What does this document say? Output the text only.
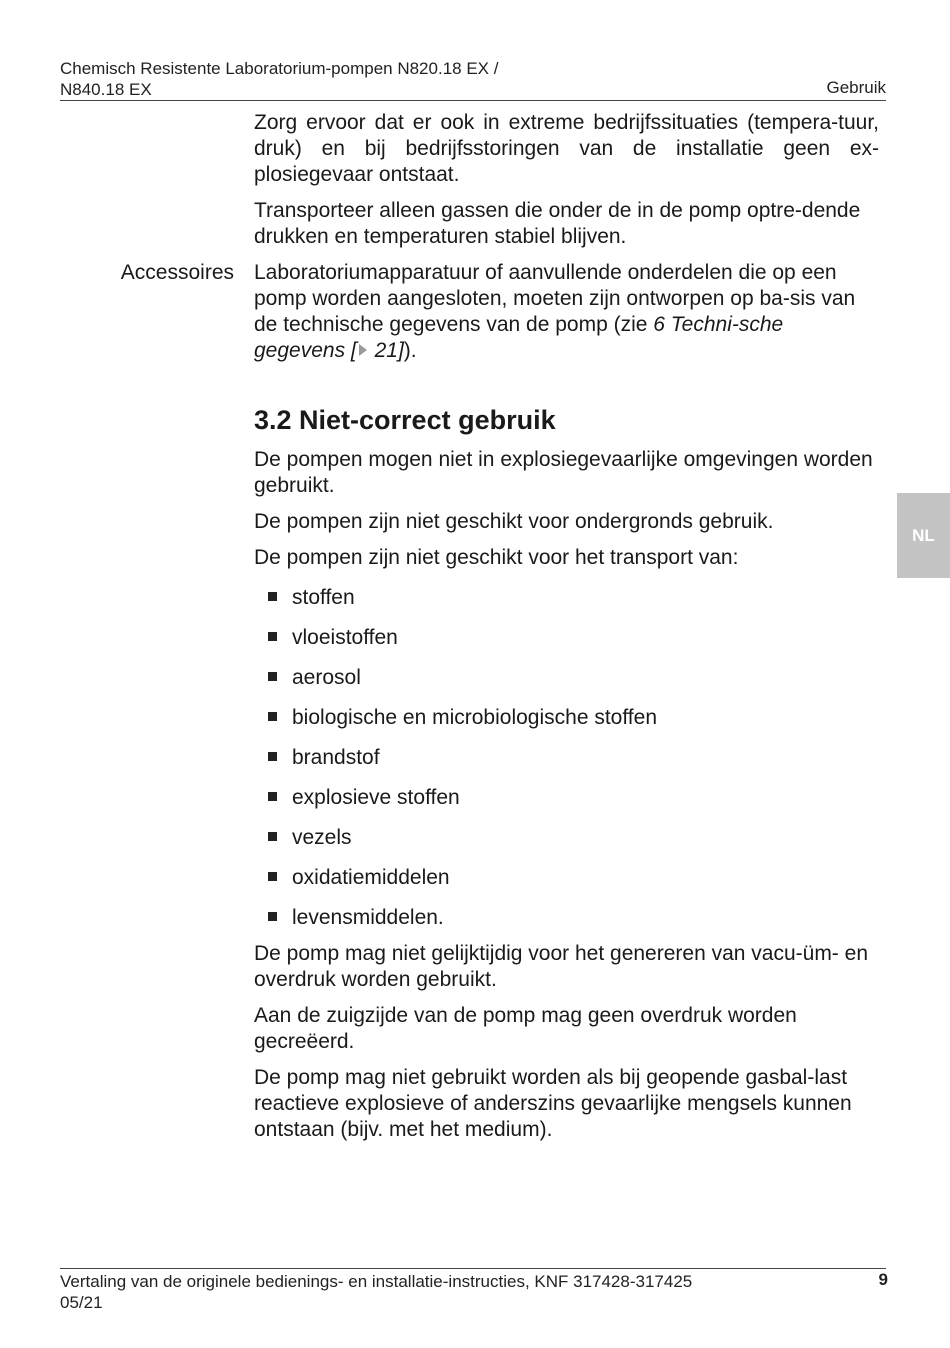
Chemisch Resistente Laboratorium-pompen N820.18 EX /
N840.18 EX	Gebruik
NL

Zorg ervoor dat er ook in extreme bedrijfssituaties (tempera-tuur, druk) en bij bedrijfsstoringen van de installatie geen ex-plosiegevaar ontstaat.

Transporteer alleen gassen die onder de in de pomp optre-dende drukken en temperaturen stabiel blijven.

Accessoires Laboratoriumapparatuur of aanvullende onderdelen die op een pomp worden aangesloten, moeten zijn ontworpen op ba-sis van de technische gegevens van de pomp (zie 6 Techni-sche gegevens [ 21]).
3.2 Niet-correct gebruik

De pompen mogen niet in explosiegevaarlijke omgevingen worden gebruikt.

De pompen zijn niet geschikt voor ondergronds gebruik.

De pompen zijn niet geschikt voor het transport van:

stoffen
vloeistoffen
aerosol
biologische en microbiologische stoffen
brandstof
explosieve stoffen
vezels
oxidatiemiddelen
levensmiddelen.

De pomp mag niet gelijktijdig voor het genereren van vacu-üm- en overdruk worden gebruikt.

Aan de zuigzijde van de pomp mag geen overdruk worden gecreëerd.

De pomp mag niet gebruikt worden als bij geopende gasbal-last reactieve explosieve of anderszins gevaarlijke mengsels kunnen ontstaan (bijv. met het medium).

Vertaling van de originele bedienings- en installatie-instructies, KNF 317428-317425
05/21
9
